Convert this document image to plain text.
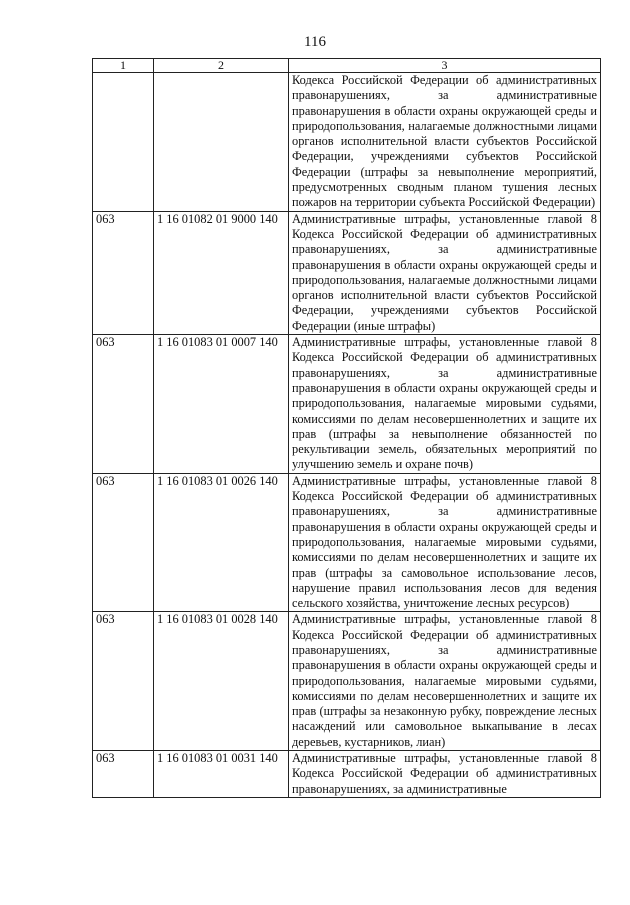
116
1	2	3
		Кодекса Российской Федерации об административных правонарушениях, за административные правонарушения в области охраны окружающей среды и природопользования, налагаемые должностными лицами органов исполнительной власти субъектов Российской Федерации, учреждениями субъектов Российской Федерации (штрафы за невыполнение мероприятий, предусмотренных сводным планом тушения лесных пожаров на территории субъекта Российской Федерации)
063	1 16 01082 01 9000 140	Административные штрафы, установленные главой 8 Кодекса Российской Федерации об административных правонарушениях, за административные правонарушения в области охраны окружающей среды и природопользования, налагаемые должностными лицами органов исполнительной власти субъектов Российской Федерации, учреждениями субъектов Российской Федерации (иные штрафы)
063	1 16 01083 01 0007 140	Административные штрафы, установленные главой 8 Кодекса Российской Федерации об административных правонарушениях, за административные правонарушения в области охраны окружающей среды и природопользования, налагаемые мировыми судьями, комиссиями по делам несовершеннолетних и защите их прав (штрафы за невыполнение обязанностей по рекультивации земель, обязательных мероприятий по улучшению земель и охране почв)
063	1 16 01083 01 0026 140	Административные штрафы, установленные главой 8 Кодекса Российской Федерации об административных правонарушениях, за административные правонарушения в области охраны окружающей среды и природопользования, налагаемые мировыми судьями, комиссиями по делам несовершеннолетних и защите их прав (штрафы за самовольное использование лесов, нарушение правил использования лесов для ведения сельского хозяйства, уничтожение лесных ресурсов)
063	1 16 01083 01 0028 140	Административные штрафы, установленные главой 8 Кодекса Российской Федерации об административных правонарушениях, за административные правонарушения в области охраны окружающей среды и природопользования, налагаемые мировыми судьями, комиссиями по делам несовершеннолетних и защите их прав (штрафы за незаконную рубку, повреждение лесных насаждений или самовольное выкапывание в лесах деревьев, кустарников, лиан)
063	1 16 01083 01 0031 140	Административные штрафы, установленные главой 8 Кодекса Российской Федерации об административных правонарушениях, за административные
